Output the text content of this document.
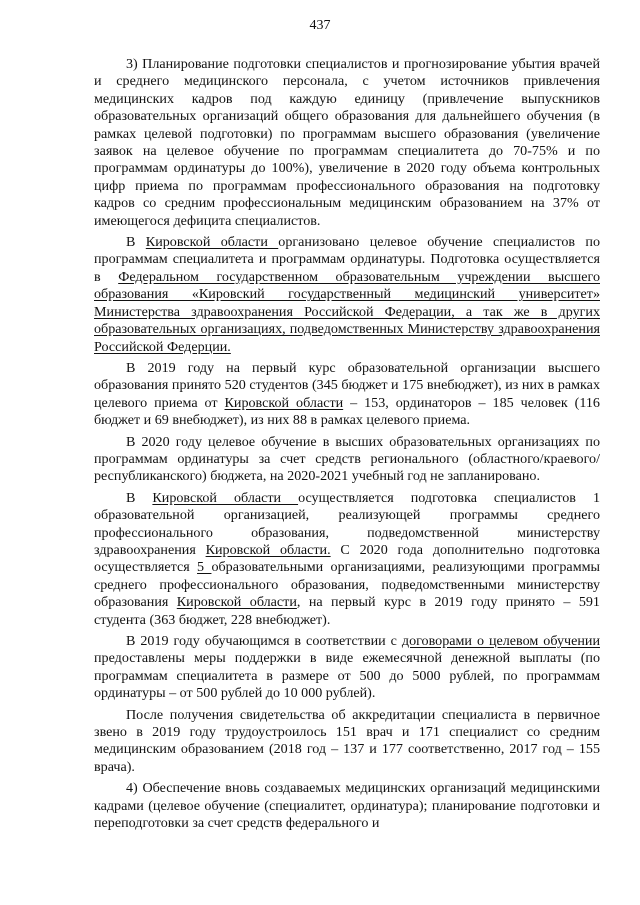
437

3) Планирование подготовки специалистов и прогнозирование убытия врачей и среднего медицинского персонала, с учетом источников привлечения медицинских кадров под каждую единицу (привлечение выпускников образовательных организаций общего образования для дальнейшего обучения (в рамках целевой подготовки) по программам высшего образования (увеличение заявок на целевое обучение по программам специалитета до 70-75% и по программам ординатуры до 100%), увеличение в 2020 году объема контрольных цифр приема по программам профессионального образования на подготовку кадров со средним профессиональным медицинским образованием на 37% от имеющегося дефицита специалистов.

В Кировской области организовано целевое обучение специалистов по программам специалитета и программам ординатуры. Подготовка осуществляется в Федеральном государственном образовательным учреждении высшего образования «Кировский государственный медицинский университет» Министерства здравоохранения Российской Федерации, а так же в других образовательных организациях, подведомственных Министерству здравоохранения Российской Федерции.

В 2019 году на первый курс образовательной организации высшего образования принято 520 студентов (345 бюджет и 175 внебюджет), из них в рамках целевого приема от Кировской области – 153, ординаторов – 185 человек (116 бюджет и 69 внебюджет), из них 88 в рамках целевого приема.

В 2020 году целевое обучение в высших образовательных организациях по программам ординатуры за счет средств регионального (областного/краевого/республиканского) бюджета, на 2020-2021 учебный год не запланировано.

В Кировской области осуществляется подготовка специалистов 1 образовательной организацией, реализующей программы среднего профессионального образования, подведомственной министерству здравоохранения Кировской области. С 2020 года дополнительно подготовка осуществляется 5 образовательными организациями, реализующими программы среднего профессионального образования, подведомственными министерству образования Кировской области, на первый курс в 2019 году принято – 591 студента (363 бюджет, 228 внебюджет).

В 2019 году обучающимся в соответствии с договорами о целевом обучении предоставлены меры поддержки в виде ежемесячной денежной выплаты (по программам специалитета в размере от 500 до 5000 рублей, по программам ординатуры – от 500 рублей до 10 000 рублей).

После получения свидетельства об аккредитации специалиста в первичное звено в 2019 году трудоустроилось 151 врач и 171 специалист со средним медицинским образованием (2018 год – 137 и 177 соответственно, 2017 год – 155 врача).

4) Обеспечение вновь создаваемых медицинских организаций медицинскими кадрами (целевое обучение (специалитет, ординатура); планирование подготовки и переподготовки за счет средств федерального и
